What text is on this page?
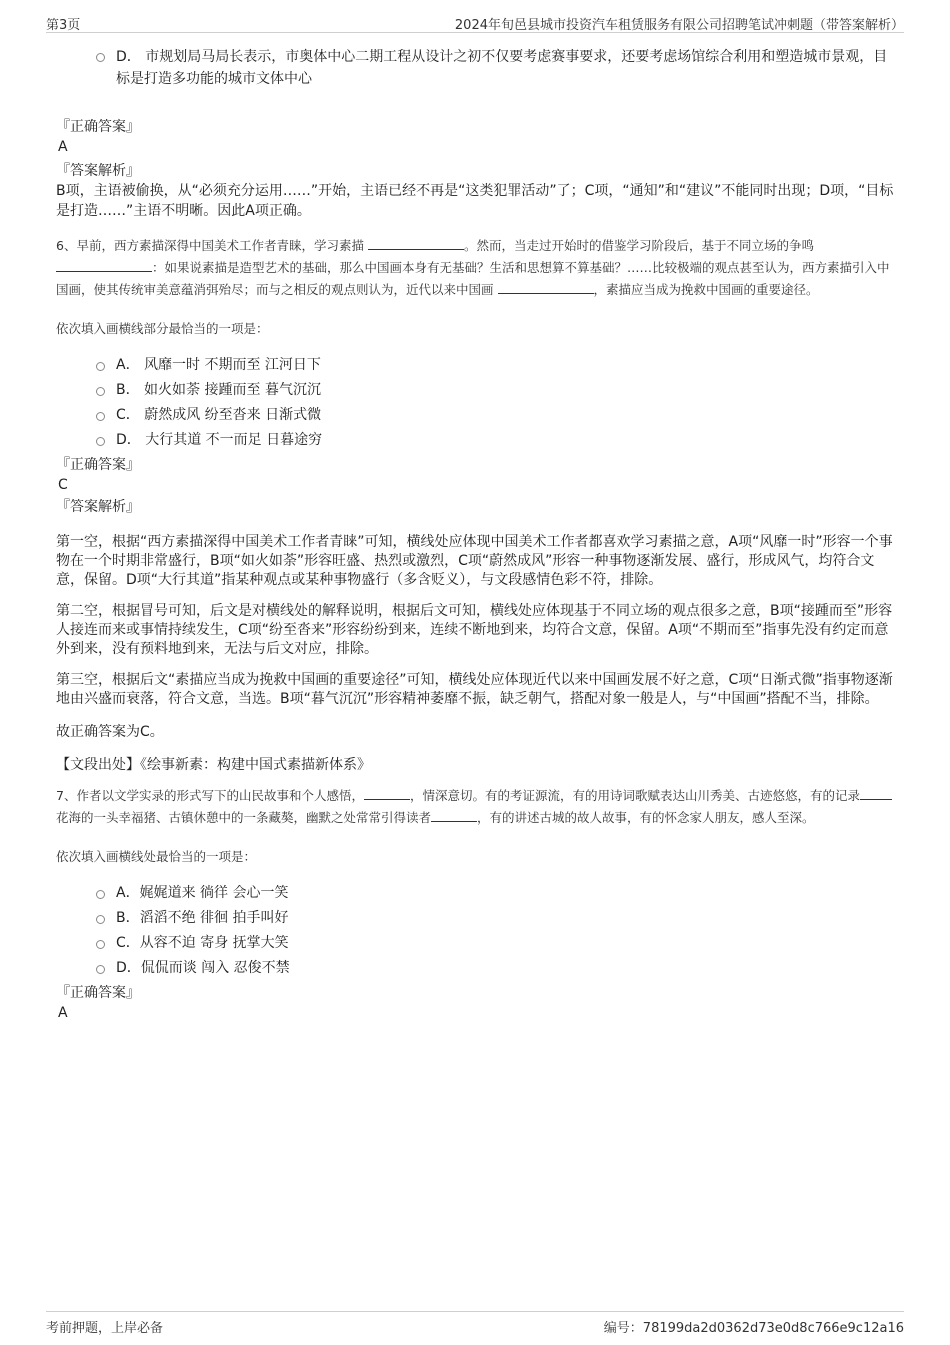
第3页	2024年旬邑县城市投资汽车租赁服务有限公司招聘笔试冲刺题（带答案解析）
D． 市规划局马局长表示，市奥体中心二期工程从设计之初不仅要考虑赛事要求，还要考虑场馆综合利用和塑造城市景观，目标是打造多功能的城市文体中心
『正确答案』
A
『答案解析』
B项，主语被偷换，从“必须充分运用……”开始，主语已经不再是“这类犯罪活动”了；C项，“通知”和“建议”不能同时出现；D项，“目标是打造……”主语不明晰。因此A项正确。
6、早前，西方素描深得中国美术工作者青睐，学习素描	。然而，当走过开始时的借鉴学习阶段后，基于不同立场的争鸣 ：如果说素描是造型艺术的基础，那么中国画本身有无基础？生活和思想算不算基础？……比较极端的观点甚至认为，西方素描引入中国画，使其传统审美意蕴消弭殆尽；而与之相反的观点则认为，近代以来中国画	，素描应当成为挽救中国画的重要途径。
依次填入画横线部分最恰当的一项是：
A． 风靡一时 不期而至 江河日下
B． 如火如荼 接踵而至 暮气沉沉
C． 蔚然成风 纷至沓来 日渐式微
D． 大行其道 不一而足 日暮途穷
『正确答案』
C
『答案解析』

第一空，根据“西方素描深得中国美术工作者青睐”可知，横线处应体现中国美术工作者都喜欢学习素描之意，A项“风靡一时”形容一个事物在一个时期非常盛行，B项“如火如荼”形容旺盛、热烈或激烈，C项“蔚然成风”形容一种事物逐渐发展、盛行，形成风气，均符合文意，保留。D项“大行其道”指某种观点或某种事物盛行（多含贬义），与文段感情色彩不符，排除。

第二空，根据冒号可知，后文是对横线处的解释说明，根据后文可知，横线处应体现基于不同立场的观点很多之意，B项“接踵而至”形容人接连而来或事情持续发生，C项“纷至沓来”形容纷纷到来，连续不断地到来，均符合文意，保留。A项“不期而至”指事先没有约定而意外到来，没有预料地到来，无法与后文对应，排除。

第三空，根据后文“素描应当成为挽救中国画的重要途径”可知，横线处应体现近代以来中国画发展不好之意，C项“日渐式微”指事物逐渐地由兴盛而衰落，符合文意，当选。B项“暮气沉沉”形容精神萎靡不振，缺乏朝气，搭配对象一般是人，与“中国画”搭配不当，排除。

故正确答案为C。

【文段出处】《绘事新素：构建中国式素描新体系》

7、作者以文学实录的形式写下的山民故事和个人感悟，	，情深意切。有的考证源流，有的用诗词歌赋表达山川秀美、古迹悠悠，有的记录花海的一头幸福猪、古镇休憩中的一条藏獒，幽默之处常常引得读者	，有的讲述古城的故人故事，有的怀念家人朋友，感人至深。
依次填入画横线处最恰当的一项是：
A．娓娓道来 徜徉 会心一笑
B．滔滔不绝 徘徊 拍手叫好
C．从容不迫 寄身 抚掌大笑
D．侃侃而谈 闯入 忍俊不禁
『正确答案』
A
考前押题，上岸必备	编号：78199da2d0362d73e0d8c766e9c12a16
